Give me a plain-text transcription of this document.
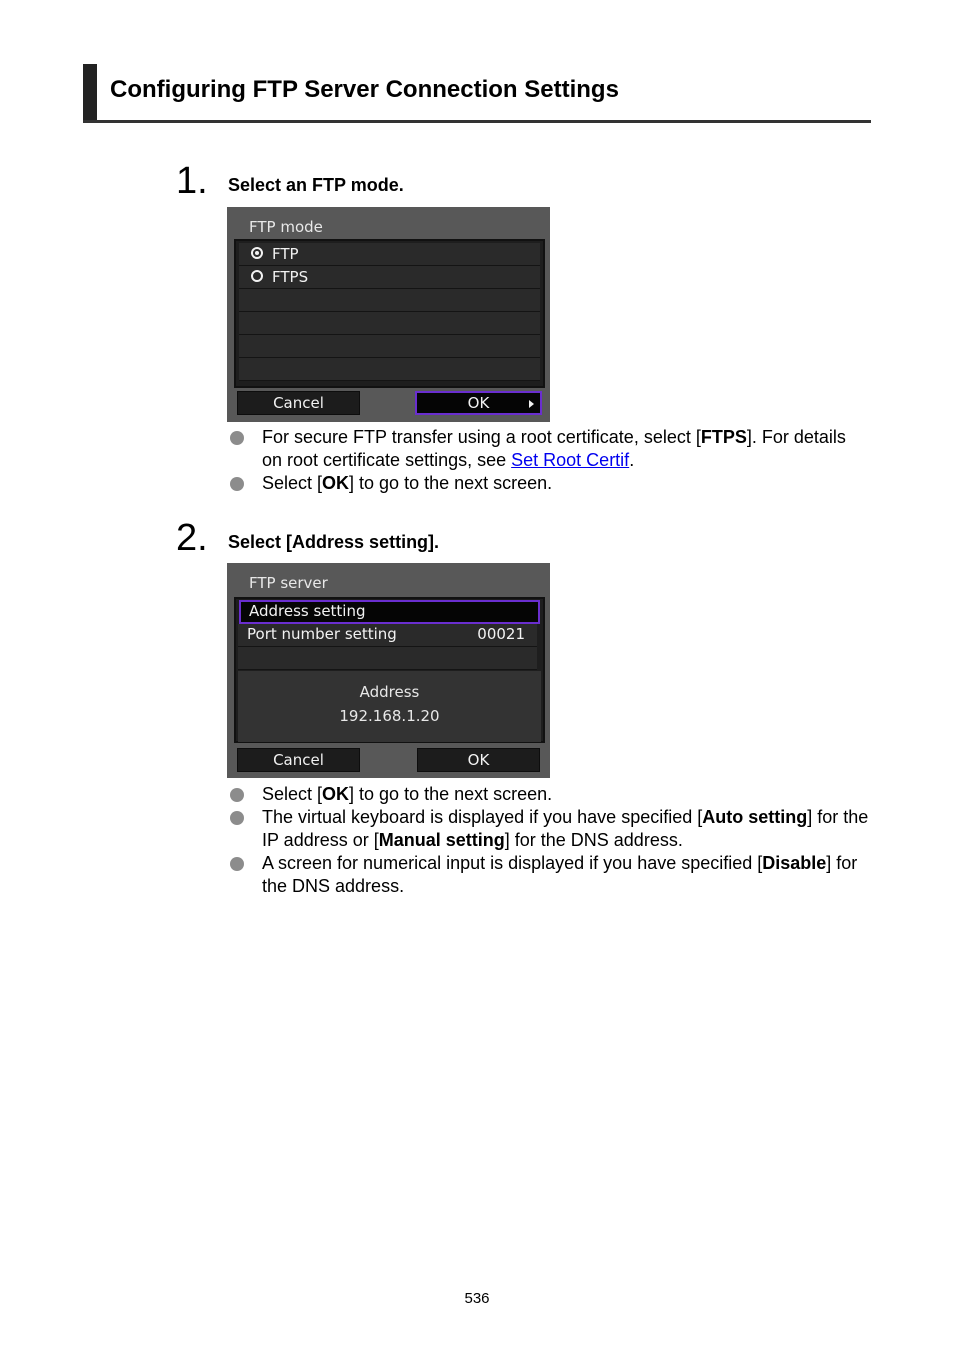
Configuring FTP Server Connection Settings
1. Select an FTP mode.
FTP mode
FTP
FTPS
Cancel	OK
For secure FTP transfer using a root certificate, select [FTPS]. For details on root certificate settings, see Set Root Certif.
Select [OK] to go to the next screen.
2. Select [Address setting].
FTP server
Address setting
Port number setting	00021
Address
192.168.1.20
Cancel	OK
Select [OK] to go to the next screen.
The virtual keyboard is displayed if you have specified [Auto setting] for the IP address or [Manual setting] for the DNS address.
A screen for numerical input is displayed if you have specified [Disable] for the DNS address.
536
